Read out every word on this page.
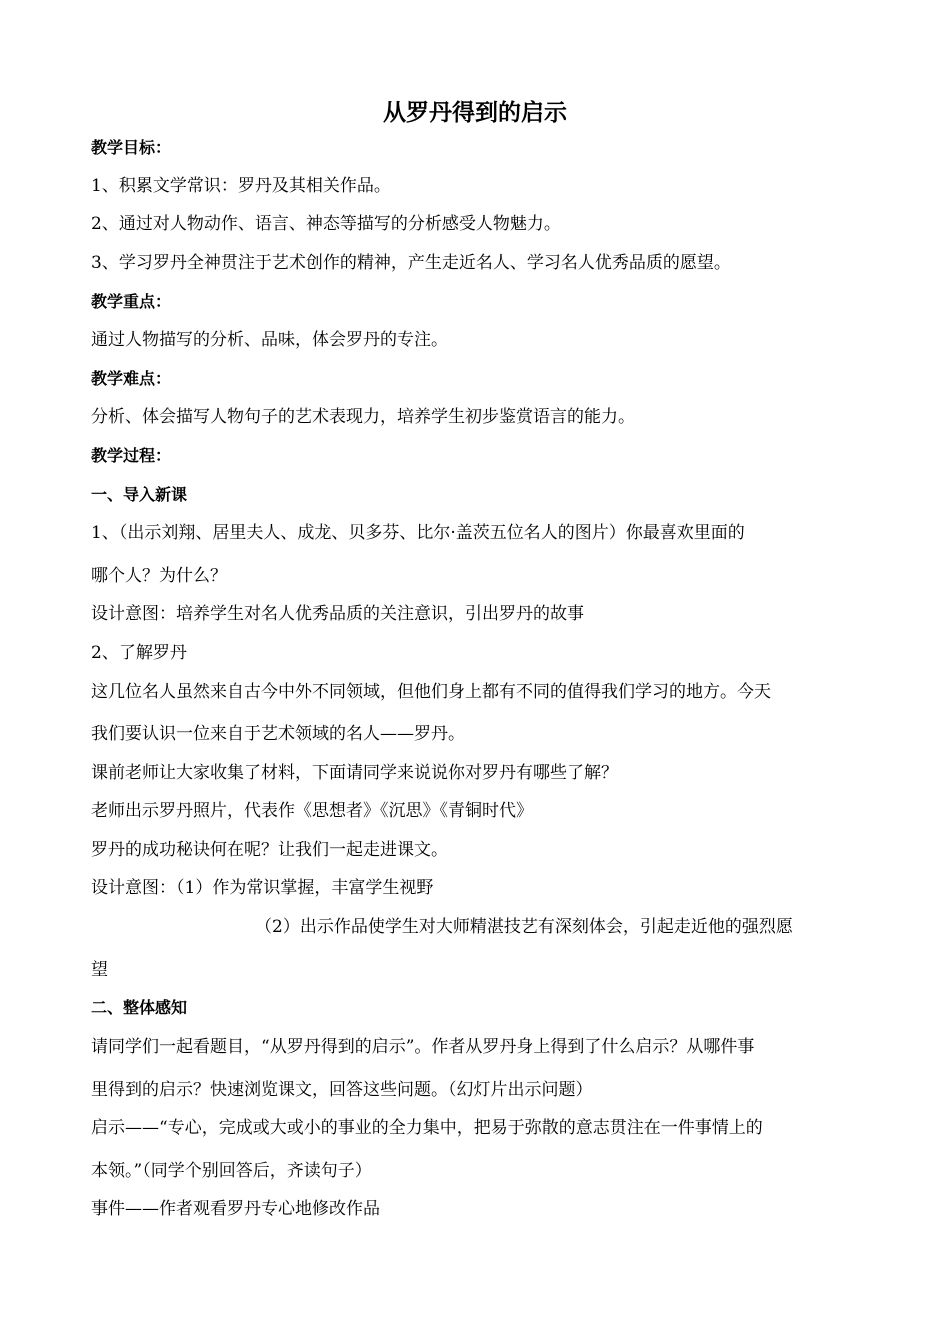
从罗丹得到的启示
教学目标：
1、积累文学常识：罗丹及其相关作品。
2、通过对人物动作、语言、神态等描写的分析感受人物魅力。
3、学习罗丹全神贯注于艺术创作的精神，产生走近名人、学习名人优秀品质的愿望。
教学重点：
通过人物描写的分析、品味，体会罗丹的专注。
教学难点：
分析、体会描写人物句子的艺术表现力，培养学生初步鉴赏语言的能力。
教学过程：
一、导入新课
1、（出示刘翔、居里夫人、成龙、贝多芬、比尔·盖茨五位名人的图片）你最喜欢里面的
哪个人？为什么？
设计意图：培养学生对名人优秀品质的关注意识，引出罗丹的故事
2、了解罗丹
这几位名人虽然来自古今中外不同领域，但他们身上都有不同的值得我们学习的地方。今天
我们要认识一位来自于艺术领域的名人——罗丹。
课前老师让大家收集了材料，下面请同学来说说你对罗丹有哪些了解？
老师出示罗丹照片，代表作《思想者》《沉思》《青铜时代》
罗丹的成功秘诀何在呢？让我们一起走进课文。
设计意图：（1）作为常识掌握，丰富学生视野
（2）出示作品使学生对大师精湛技艺有深刻体会，引起走近他的强烈愿
望
二、整体感知
请同学们一起看题目，“从罗丹得到的启示”。作者从罗丹身上得到了什么启示？从哪件事
里得到的启示？快速浏览课文，回答这些问题。（幻灯片出示问题）
启示——“专心，完成或大或小的事业的全力集中，把易于弥散的意志贯注在一件事情上的
本领。”（同学个别回答后，齐读句子）
事件——作者观看罗丹专心地修改作品
